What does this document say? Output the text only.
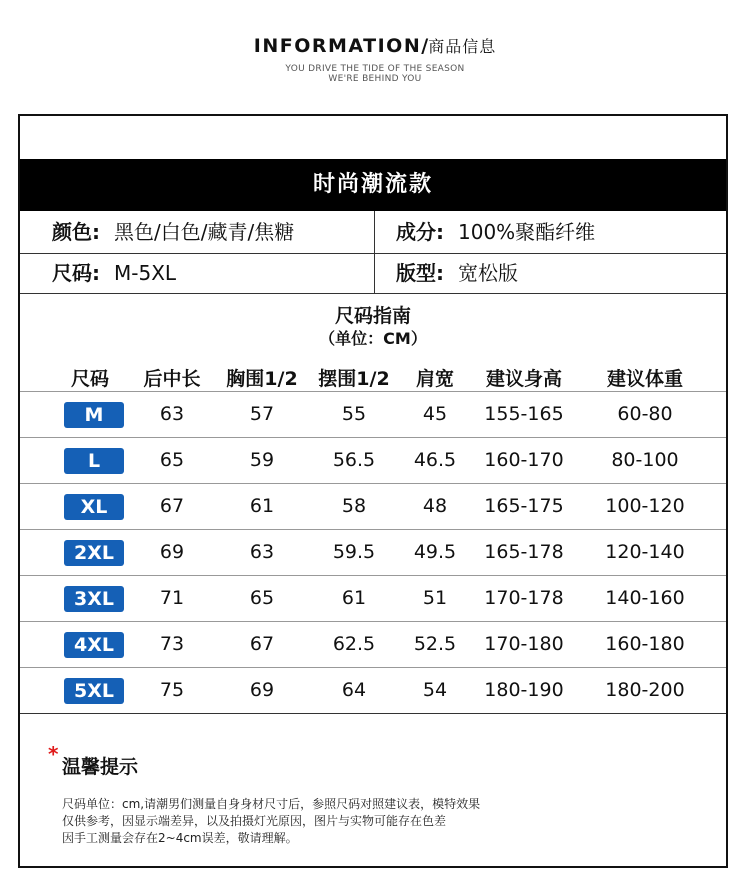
INFORMATION/商品信息
YOU DRIVE THE TIDE OF THE SEASON
WE'RE BEHIND YOU
时尚潮流款
颜色: 黑色/白色/藏青/焦糖	成分: 100%聚酯纤维
尺码: M-5XL	版型: 宽松版
尺码指南
（单位：CM）
尺码	后中长	胸围1/2	摆围1/2	肩宽	建议身高	建议体重
M	63	57	55	45	155-165	60-80
L	65	59	56.5	46.5	160-170	80-100
XL	67	61	58	48	165-175	100-120
2XL	69	63	59.5	49.5	165-178	120-140
3XL	71	65	61	51	170-178	140-160
4XL	73	67	62.5	52.5	170-180	160-180
5XL	75	69	64	54	180-190	180-200
*
温馨提示
尺码单位：cm,请潮男们测量自身身材尺寸后，参照尺码对照建议表，模特效果
仅供参考，因显示端差异，以及拍摄灯光原因，图片与实物可能存在色差
因手工测量会存在2~4cm误差，敬请理解。
